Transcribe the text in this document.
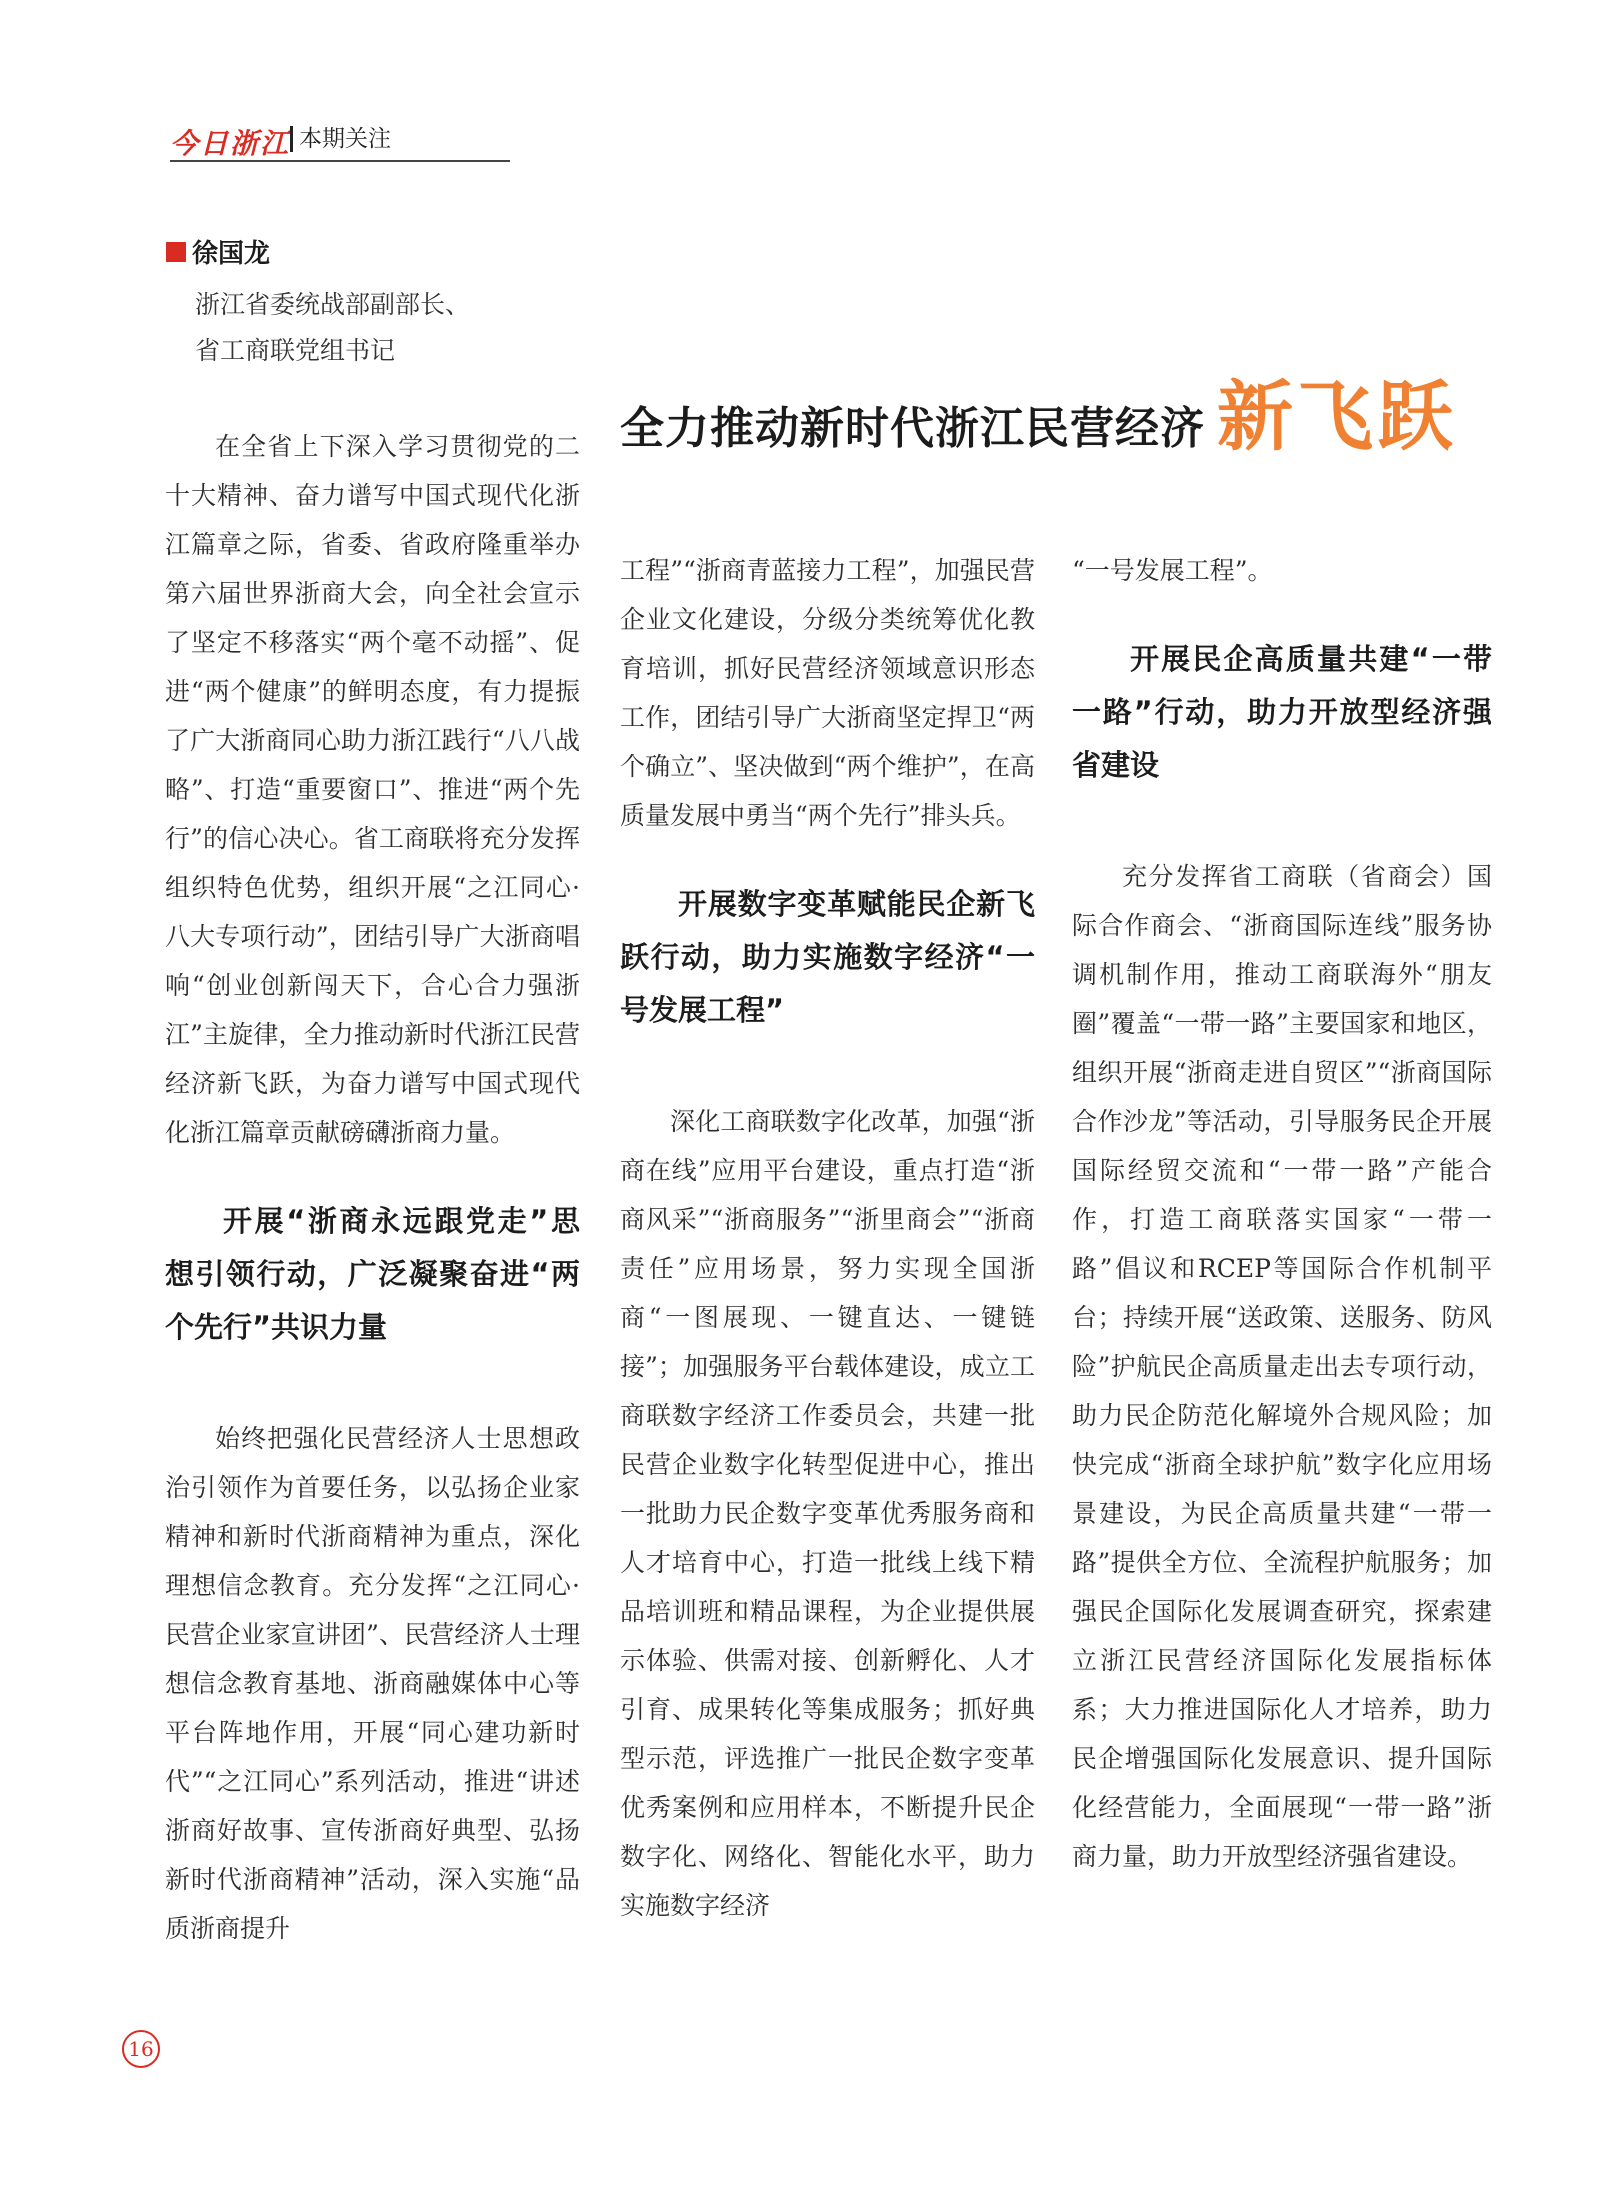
今日浙江 本期关注
徐国龙
浙江省委统战部副部长、
省工商联党组书记
全力推动新时代浙江民营经济 新飞跃

在全省上下深入学习贯彻党的二十大精神、奋力谱写中国式现代化浙江篇章之际，省委、省政府隆重举办第六届世界浙商大会，向全社会宣示了坚定不移落实“两个毫不动摇”、促进“两个健康”的鲜明态度，有力提振了广大浙商同心助力浙江践行“八八战略”、打造“重要窗口”、推进“两个先行”的信心决心。省工商联将充分发挥组织特色优势，组织开展“之江同心·八大专项行动”，团结引导广大浙商唱响“创业创新闯天下，合心合力强浙江”主旋律，全力推动新时代浙江民营经济新飞跃，为奋力谱写中国式现代化浙江篇章贡献磅礴浙商力量。

开展“浙商永远跟党走”思想引领行动，广泛凝聚奋进“两个先行”共识力量

始终把强化民营经济人士思想政治引领作为首要任务，以弘扬企业家精神和新时代浙商精神为重点，深化理想信念教育。充分发挥“之江同心·民营企业家宣讲团”、民营经济人士理想信念教育基地、浙商融媒体中心等平台阵地作用，开展“同心建功新时代”“之江同心”系列活动，推进“讲述浙商好故事、宣传浙商好典型、弘扬新时代浙商精神”活动，深入实施“品质浙商提升

工程”“浙商青蓝接力工程”，加强民营企业文化建设，分级分类统筹优化教育培训，抓好民营经济领域意识形态工作，团结引导广大浙商坚定捍卫“两个确立”、坚决做到“两个维护”，在高质量发展中勇当“两个先行”排头兵。

开展数字变革赋能民企新飞跃行动，助力实施数字经济“一号发展工程”

深化工商联数字化改革，加强“浙商在线”应用平台建设，重点打造“浙商风采”“浙商服务”“浙里商会”“浙商责任”应用场景，努力实现全国浙商“一图展现、一键直达、一键链接”；加强服务平台载体建设，成立工商联数字经济工作委员会，共建一批民营企业数字化转型促进中心，推出一批助力民企数字变革优秀服务商和人才培育中心，打造一批线上线下精品培训班和精品课程，为企业提供展示体验、供需对接、创新孵化、人才引育、成果转化等集成服务；抓好典型示范，评选推广一批民企数字变革优秀案例和应用样本，不断提升民企数字化、网络化、智能化水平，助力实施数字经济

“一号发展工程”。

开展民企高质量共建“一带一路”行动，助力开放型经济强省建设

充分发挥省工商联（省商会）国际合作商会、“浙商国际连线”服务协调机制作用，推动工商联海外“朋友圈”覆盖“一带一路”主要国家和地区，组织开展“浙商走进自贸区”“浙商国际合作沙龙”等活动，引导服务民企开展国际经贸交流和“一带一路”产能合作，打造工商联落实国家“一带一路”倡议和RCEP等国际合作机制平台；持续开展“送政策、送服务、防风险”护航民企高质量走出去专项行动，助力民企防范化解境外合规风险；加快完成“浙商全球护航”数字化应用场景建设，为民企高质量共建“一带一路”提供全方位、全流程护航服务；加强民企国际化发展调查研究，探索建立浙江民营经济国际化发展指标体系；大力推进国际化人才培养，助力民企增强国际化发展意识、提升国际化经营能力，全面展现“一带一路”浙商力量，助力开放型经济强省建设。

16
